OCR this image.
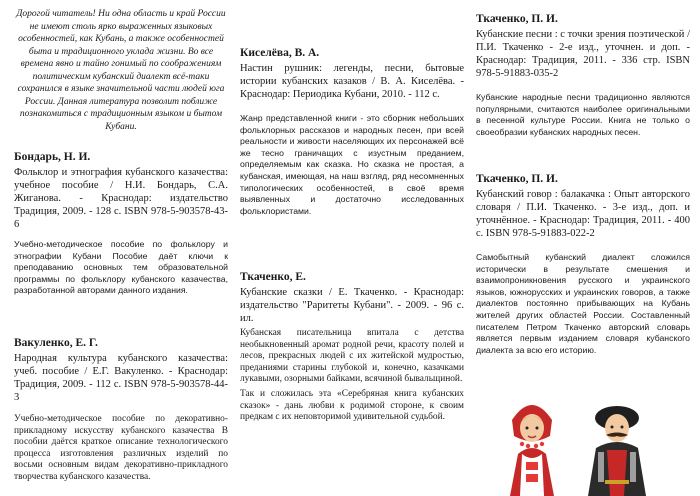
Дорогой читатель! Ни одна область и край России не имеют столь ярко выраженных языковых особенностей, как Кубань, а также особенностей быта и традиционного уклада жизни. Во все времена явно и тайно гонимый по соображениям политическим кубанский диалект всё-таки сохранился в языке значительной части людей юга России. Данная литература позволит поближе познакомиться с традиционным языком и бытом Кубани.
Бондарь, Н. И.

Фольклор и этнография кубанского казачества: учебное пособие / Н.И. Бондарь, С.А. Жиганова. - Краснодар: издательство Традиция, 2009. - 128 с. ISBN 978-5-903578-43-6

Учебно-методическое пособие по фольклору и этнографии Кубани Пособие даёт ключи к преподаванию основных тем образовательной программы по фольклору кубанского казачества, разработанной авторами данного издания.

Вакуленко, Е. Г.

Народная культура кубанского казачества: учеб. пособие / Е.Г. Вакуленко. - Краснодар: Традиция, 2009. - 112 с. ISBN 978-5-903578-44-3

Учебно-методическое пособие по декоративно-прикладному искусству кубанского казачества В пособии даётся краткое описание технологического процесса изготовления различных изделий по восьми основным видам декоративно-прикладного творчества кубанского казачества.

Киселёва, В. А.

Настин рушник: легенды, песни, бытовые истории кубанских казаков / В. А. Киселёва. - Краснодар: Периодика Кубани, 2010. - 112 с.

Жанр представленной книги - это сборник небольших фольклорных рассказов и народных песен, при всей реальности и живости населяющих их персонажей всё же тесно граничащих с изустным преданием, определяемым как сказка. Но сказка не простая, а кубанская, имеющая, на наш взгляд, ряд несомненных типологических особенностей, в своё время выявленных и достаточно исследованных фольклористами.

Ткаченко, Е.

Кубанские сказки / Е. Ткаченко. - Краснодар: издательство "Раритеты Кубани". - 2009. - 96 с. ил.

Кубанская писательница впитала с детства необыкновенный аромат родной речи, красоту полей и лесов, прекрасных людей с их житейской мудростью, преданиями старины глубокой и, конечно, казачками лукавыми, озорными байками, всячиной бывальщиной.

Так и сложилась эта «Серебряная книга кубанских сказок» - дань любви к родимой стороне, к своим предкам с их неповторимой удивительной судьбой.

Ткаченко, П. И.

Кубанские песни : с точки зрения поэтической / П.И. Ткаченко - 2-е изд., уточнен. и доп. - Краснодар: Традиция, 2011. - 336 стр. ISBN 978-5-91883-035-2

Кубанские народные песни традиционно являются популярными, считаются наиболее оригинальными в песенной культуре России. Книга не только о своеобразии кубанских народных песен.

Ткаченко, П. И.

Кубанский говор : балакачка : Опыт авторского словаря / П.И. Ткаченко. - 3-е изд., доп. и уточнённое. - Краснодар: Традиция, 2011. - 400 с. ISBN 978-5-91883-022-2

Самобытный кубанский диалект сложился исторически в результате смешения и взаимопроникновения русского и украинского языков, южнорусских и украинских говоров, а также диалектов постоянно прибывающих на Кубань жителей других областей России. Составленный писателем Петром Ткаченко авторский словарь является первым изданием словаря кубанского диалекта за всю его историю.
